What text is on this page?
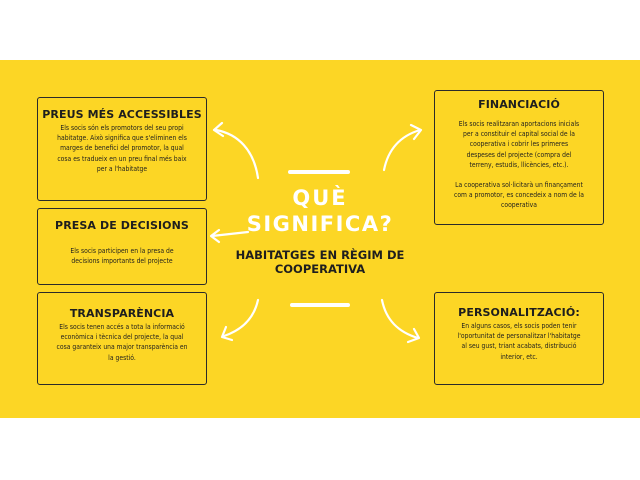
QUÈ
SIGNIFICA?
HABITATGES EN RÈGIM DE
COOPERATIVA
PREUS MÉS ACCESSIBLES

Els socis són els promotors del seu propi
habitatge. Això significa que s'eliminen els
marges de benefici del promotor, la qual
cosa es tradueix en un preu final més baix
per a l'habitatge

PRESA DE DECISIONS

Els socis participen en la presa de
decisions importants del projecte

TRANSPARÈNCIA

Els socis tenen accés a tota la informació
econòmica i tècnica del projecte, la qual
cosa garanteix una major transparència en
la gestió.

FINANCIACIÓ

Els socis realitzaran aportacions inicials
per a constituir el capital social de la
cooperativa i cobrir les primeres
despeses del projecte (compra del
terreny, estudis, llicències, etc.).

La cooperativa sol·licitarà un finançament
com a promotor, es concedeix a nom de la
cooperativa

PERSONALITZACIÓ:

En alguns casos, els socis poden tenir
l'oportunitat de personalitzar l'habitatge
al seu gust, triant acabats, distribució
interior, etc.
